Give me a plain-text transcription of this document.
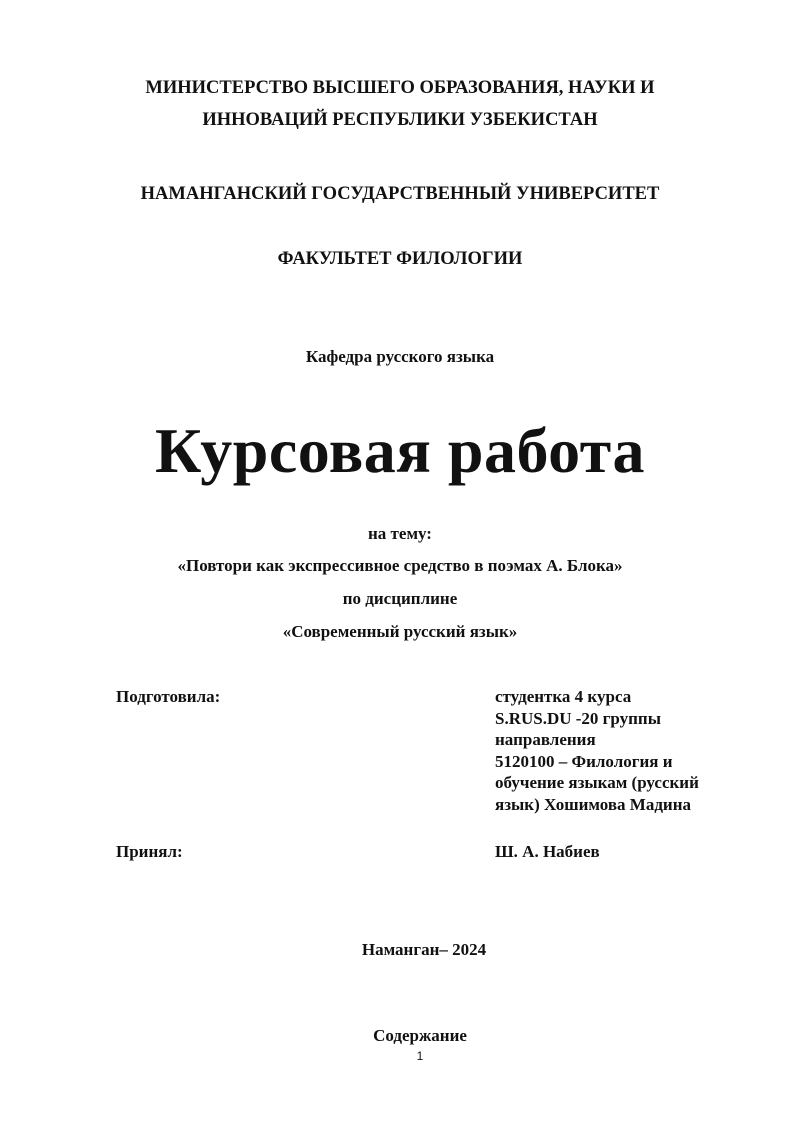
МИНИСТЕРСТВО ВЫСШЕГО ОБРАЗОВАНИЯ, НАУКИ И
ИННОВАЦИЙ РЕСПУБЛИКИ УЗБЕКИСТАН
НАМАНГАНСКИЙ ГОСУДАРСТВЕННЫЙ УНИВЕРСИТЕТ
ФАКУЛЬТЕТ ФИЛОЛОГИИ
Кафедра русского языка
Курсовая работа
на тему:
«Повтори как экспрессивное средство в поэмах А. Блока»
по дисциплине
«Современный русский язык»
Подготовила:	студентка 4 курса
S.RUS.DU -20 группы
направления
5120100 – Филология и
обучение языкам (русский
язык) Хошимова Мадина
Принял:	Ш. А. Набиев
Наманган– 2024
Содержание
1
